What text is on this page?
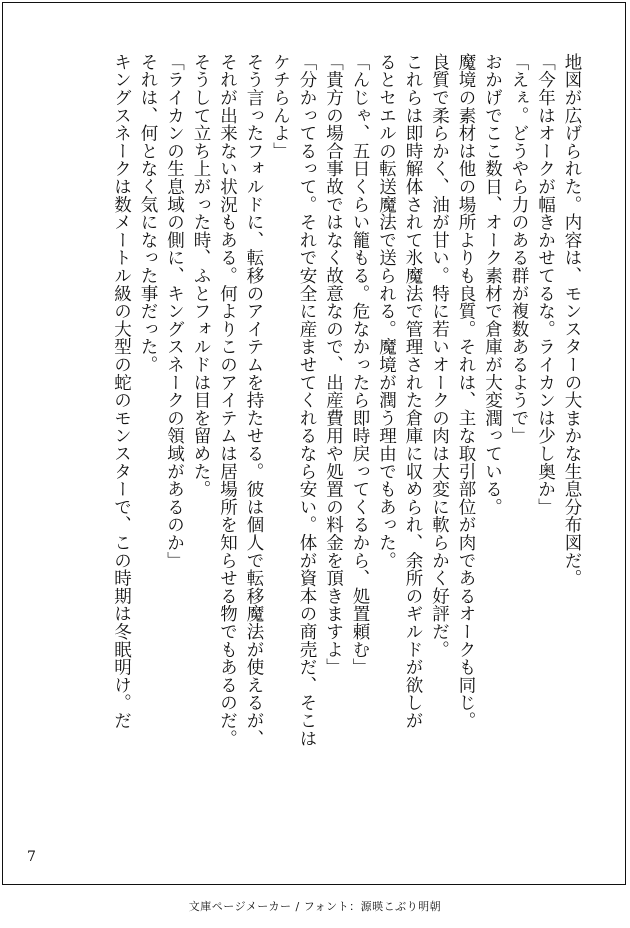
地図が広げられた。内容は、モンスターの大まかな生息分布図だ。

「今年はオークが幅きかせてるな。ライカンは少し奥か」

「えぇ。どうやら力のある群が複数あるようで」

おかげでここ数日、オーク素材で倉庫が大変潤っている。

魔境の素材は他の場所よりも良質。それは、主な取引部位が肉であるオークも同じ。

良質で柔らかく、油が甘い。特に若いオークの肉は大変に軟らかく好評だ。

これらは即時解体されて氷魔法で管理された倉庫に収められ、余所のギルドが欲しが

るとセエルの転送魔法で送られる。魔境が潤う理由でもあった。

「んじゃ、五日くらい籠もる。危なかったら即時戻ってくるから、処置頼む」

「貴方の場合事故ではなく故意なので、出産費用や処置の料金を頂きますよ」

「分かってるって。それで安全に産ませてくれるなら安い。体が資本の商売だ、そこは

ケチらんよ」

そう言ったフォルドに、転移のアイテムを持たせる。彼は個人で転移魔法が使えるが、

それが出来ない状況もある。何よりこのアイテムは居場所を知らせる物でもあるのだ。

そうして立ち上がった時、ふとフォルドは目を留めた。

「ライカンの生息域の側に、キングスネークの領域があるのか」

それは、何となく気になった事だった。

キングスネークは数メートル級の大型の蛇のモンスターで、この時期は冬眠明け。だ

7
文庫ページメーカー / フォント：源暎こぶり明朝
